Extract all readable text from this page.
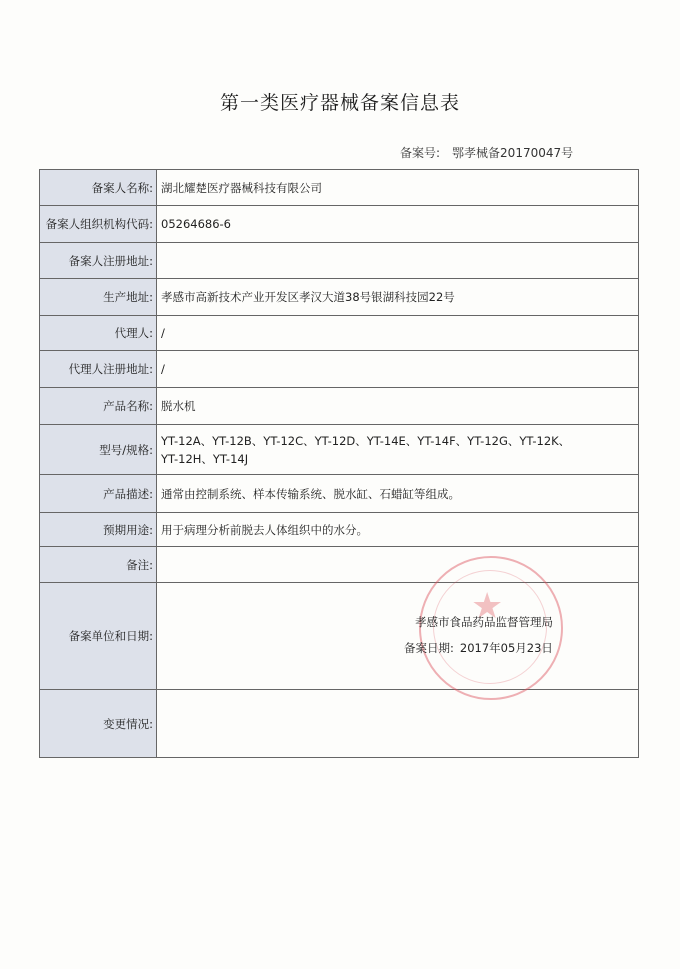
第一类医疗器械备案信息表
备案号: 鄂孝械备20170047号
备案人名称:	湖北耀楚医疗器械科技有限公司
备案人组织机构代码:	05264686-6
备案人注册地址:	
生产地址:	孝感市高新技术产业开发区孝汉大道38号银湖科技园22号
代理人:	/
代理人注册地址:	/
产品名称:	脱水机
型号/规格:	YT-12A、YT-12B、YT-12C、YT-12D、YT-14E、YT-14F、YT-12G、YT-12K、
YT-12H、YT-14J

产品描述:	通常由控制系统、样本传输系统、脱水缸、石蜡缸等组成。
预期用途:	用于病理分析前脱去人体组织中的水分。
备注:	
备案单位和日期:	★
孝感市食品药品监督管理局
备案日期: 2017年05月23日

变更情况:	
